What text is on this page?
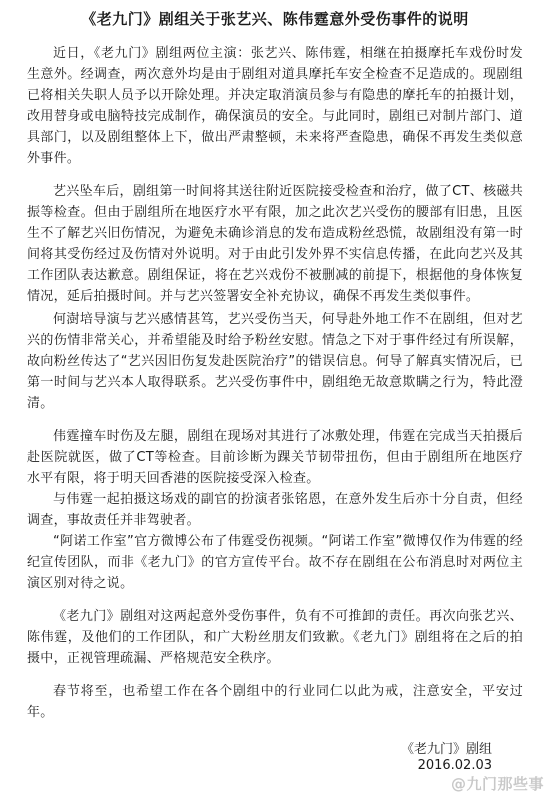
《老九门》剧组关于张艺兴、陈伟霆意外受伤事件的说明

近日，《老九门》剧组两位主演：张艺兴、陈伟霆，相继在拍摄摩托车戏份时发生意外。经调查，两次意外均是由于剧组对道具摩托车安全检查不足造成的。现剧组已将相关失职人员予以开除处理。并决定取消演员参与有隐患的摩托车的拍摄计划，改用替身或电脑特技完成制作，确保演员的安全。与此同时，剧组已对制片部门、道具部门，以及剧组整体上下，做出严肃整顿，未来将严查隐患，确保不再发生类似意外事件。

艺兴坠车后，剧组第一时间将其送往附近医院接受检查和治疗，做了CT、核磁共振等检查。但由于剧组所在地医疗水平有限，加之此次艺兴受伤的腰部有旧患，且医生不了解艺兴旧伤情况，为避免未确诊消息的发布造成粉丝恐慌，故剧组没有第一时间将其受伤经过及伤情对外说明。对于由此引发外界不实信息传播，在此向艺兴及其工作团队表达歉意。剧组保证，将在艺兴戏份不被删减的前提下，根据他的身体恢复情况，延后拍摄时间。并与艺兴签署安全补充协议，确保不再发生类似事件。

何澍培导演与艺兴感情甚笃，艺兴受伤当天，何导赴外地工作不在剧组，但对艺兴的伤情非常关心，并希望能及时给予粉丝安慰。情急之下对于事件经过有所误解，故向粉丝传达了“艺兴因旧伤复发赴医院治疗”的错误信息。何导了解真实情况后，已第一时间与艺兴本人取得联系。艺兴受伤事件中，剧组绝无故意欺瞒之行为，特此澄清。

伟霆撞车时伤及左腿，剧组在现场对其进行了冰敷处理，伟霆在完成当天拍摄后赴医院就医，做了CT等检查。目前诊断为踝关节韧带扭伤，但由于剧组所在地医疗水平有限，将于明天回香港的医院接受深入检查。

与伟霆一起拍摄这场戏的副官的扮演者张铭恩，在意外发生后亦十分自责，但经调查，事故责任并非驾驶者。

“阿诺工作室”官方微博公布了伟霆受伤视频。“阿诺工作室”微博仅作为伟霆的经纪宣传团队，而非《老九门》的官方宣传平台。故不存在剧组在公布消息时对两位主演区别对待之说。

《老九门》剧组对这两起意外受伤事件，负有不可推卸的责任。再次向张艺兴、陈伟霆，及他们的工作团队，和广大粉丝朋友们致歉。《老九门》剧组将在之后的拍摄中，正视管理疏漏、严格规范安全秩序。

春节将至，也希望工作在各个剧组中的行业同仁以此为戒，注意安全，平安过年。

《老九门》剧组
2016.02.03
@九门那些事
